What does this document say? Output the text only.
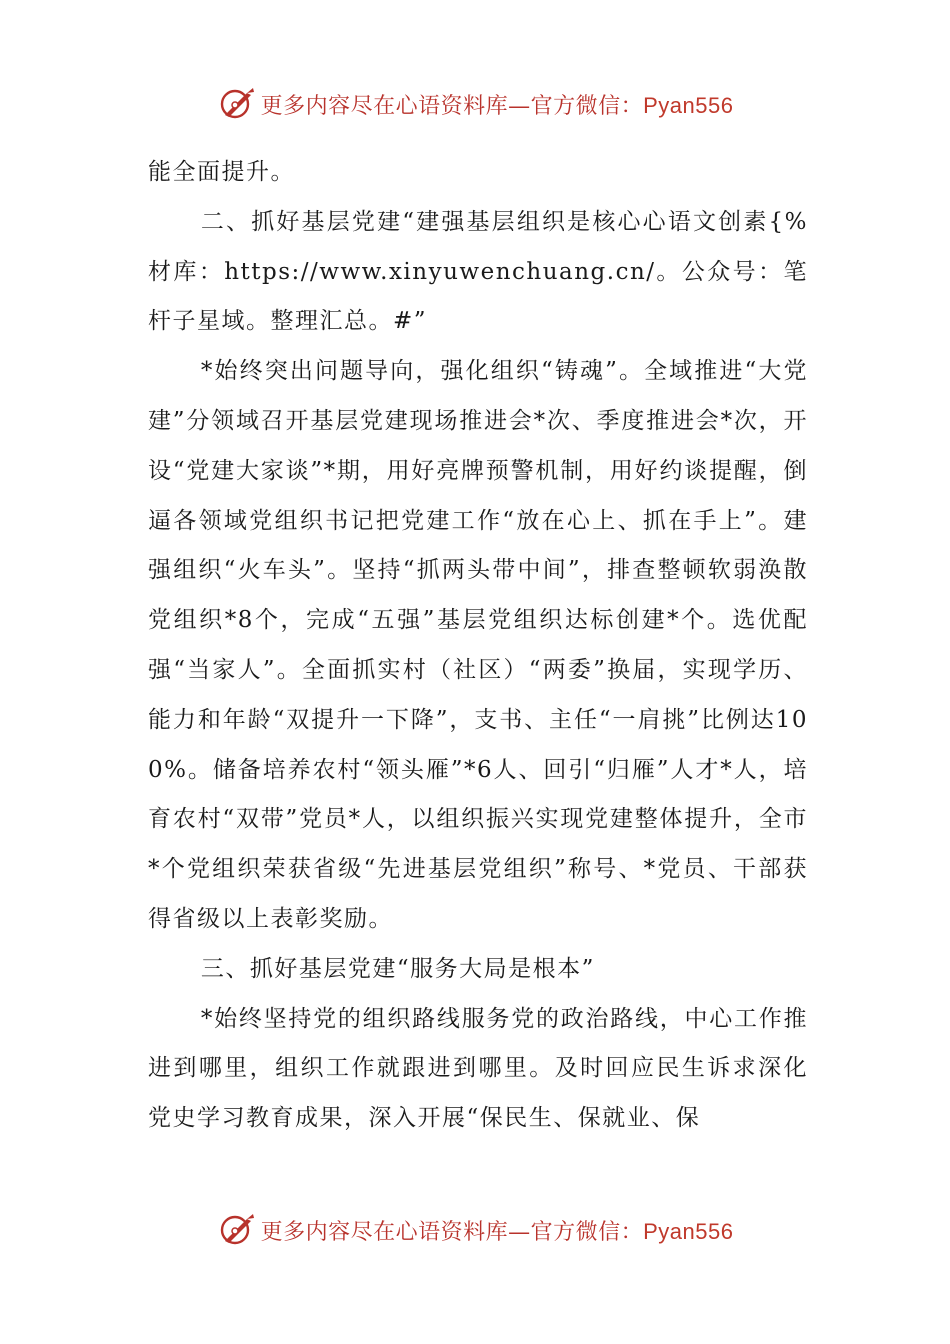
更多内容尽在心语资料库—官方微信：Pyan556

能全面提升。

二、抓好基层党建“建强基层组织是核心心语文创素{%材库：https://www.xinyuwenchuang.cn/。公众号：笔杆子星域。整理汇总。#”

*始终突出问题导向，强化组织“铸魂”。全域推进“大党建”分领域召开基层党建现场推进会*次、季度推进会*次，开设“党建大家谈”*期，用好亮牌预警机制，用好约谈提醒，倒逼各领域党组织书记把党建工作“放在心上、抓在手上”。建强组织“火车头”。坚持“抓两头带中间”，排查整顿软弱涣散党组织*8个，完成“五强”基层党组织达标创建*个。选优配强“当家人”。全面抓实村（社区）“两委”换届，实现学历、能力和年龄“双提升一下降”，支书、主任“一肩挑”比例达100%。储备培养农村“领头雁”*6人、回引“归雁”人才*人，培育农村“双带”党员*人，以组织振兴实现党建整体提升，全市*个党组织荣获省级“先进基层党组织”称号、*党员、干部获得省级以上表彰奖励。

三、抓好基层党建“服务大局是根本”

*始终坚持党的组织路线服务党的政治路线，中心工作推进到哪里，组织工作就跟进到哪里。及时回应民生诉求深化党史学习教育成果，深入开展“保民生、保就业、保

更多内容尽在心语资料库—官方微信：Pyan556
